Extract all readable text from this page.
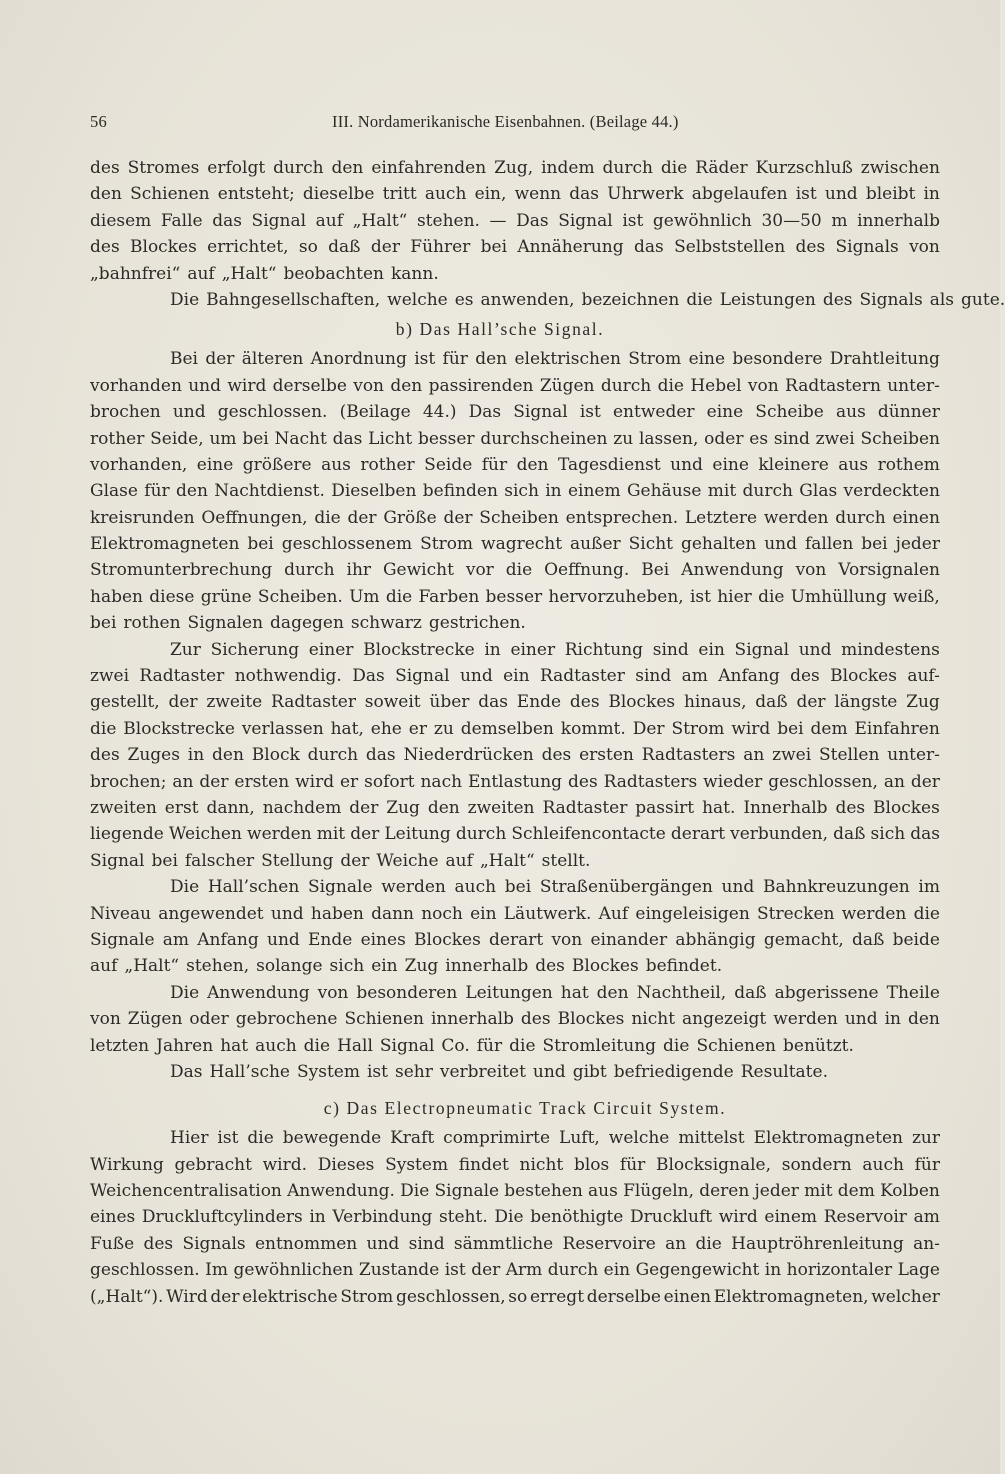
56	III. Nordamerikanische Eisenbahnen. (Beilage 44.)
des Stromes erfolgt durch den einfahrenden Zug, indem durch die Räder Kurzschluß zwischen
den Schienen entsteht; dieselbe tritt auch ein, wenn das Uhrwerk abgelaufen ist und bleibt in
diesem Falle das Signal auf „Halt“ stehen. — Das Signal ist gewöhnlich 30—50 m innerhalb
des Blockes errichtet, so daß der Führer bei Annäherung das Selbststellen des Signals von
„bahnfrei“ auf „Halt“ beobachten kann.
Die Bahngesellschaften, welche es anwenden, bezeichnen die Leistungen des Signals als gute.
b) Das Hall’sche Signal.
Bei der älteren Anordnung ist für den elektrischen Strom eine besondere Drahtleitung
vorhanden und wird derselbe von den passirenden Zügen durch die Hebel von Radtastern unter-
brochen und geschlossen. (Beilage 44.) Das Signal ist entweder eine Scheibe aus dünner
rother Seide, um bei Nacht das Licht besser durchscheinen zu lassen, oder es sind zwei Scheiben
vorhanden, eine größere aus rother Seide für den Tagesdienst und eine kleinere aus rothem
Glase für den Nachtdienst. Dieselben befinden sich in einem Gehäuse mit durch Glas verdeckten
kreisrunden Oeffnungen, die der Größe der Scheiben entsprechen. Letztere werden durch einen
Elektromagneten bei geschlossenem Strom wagrecht außer Sicht gehalten und fallen bei jeder
Stromunterbrechung durch ihr Gewicht vor die Oeffnung. Bei Anwendung von Vorsignalen
haben diese grüne Scheiben. Um die Farben besser hervorzuheben, ist hier die Umhüllung weiß,
bei rothen Signalen dagegen schwarz gestrichen.
Zur Sicherung einer Blockstrecke in einer Richtung sind ein Signal und mindestens
zwei Radtaster nothwendig. Das Signal und ein Radtaster sind am Anfang des Blockes auf-
gestellt, der zweite Radtaster soweit über das Ende des Blockes hinaus, daß der längste Zug
die Blockstrecke verlassen hat, ehe er zu demselben kommt. Der Strom wird bei dem Einfahren
des Zuges in den Block durch das Niederdrücken des ersten Radtasters an zwei Stellen unter-
brochen; an der ersten wird er sofort nach Entlastung des Radtasters wieder geschlossen, an der
zweiten erst dann, nachdem der Zug den zweiten Radtaster passirt hat. Innerhalb des Blockes
liegende Weichen werden mit der Leitung durch Schleifencontacte derart verbunden, daß sich das
Signal bei falscher Stellung der Weiche auf „Halt“ stellt.
Die Hall’schen Signale werden auch bei Straßenübergängen und Bahnkreuzungen im
Niveau angewendet und haben dann noch ein Läutwerk. Auf eingeleisigen Strecken werden die
Signale am Anfang und Ende eines Blockes derart von einander abhängig gemacht, daß beide
auf „Halt“ stehen, solange sich ein Zug innerhalb des Blockes befindet.
Die Anwendung von besonderen Leitungen hat den Nachtheil, daß abgerissene Theile
von Zügen oder gebrochene Schienen innerhalb des Blockes nicht angezeigt werden und in den
letzten Jahren hat auch die Hall Signal Co. für die Stromleitung die Schienen benützt.
Das Hall’sche System ist sehr verbreitet und gibt befriedigende Resultate.
c) Das Electropneumatic Track Circuit System.
Hier ist die bewegende Kraft comprimirte Luft, welche mittelst Elektromagneten zur
Wirkung gebracht wird. Dieses System findet nicht blos für Blocksignale, sondern auch für
Weichencentralisation Anwendung. Die Signale bestehen aus Flügeln, deren jeder mit dem Kolben
eines Druckluftcylinders in Verbindung steht. Die benöthigte Druckluft wird einem Reservoir am
Fuße des Signals entnommen und sind sämmtliche Reservoire an die Hauptröhrenleitung an-
geschlossen. Im gewöhnlichen Zustande ist der Arm durch ein Gegengewicht in horizontaler Lage
(„Halt“). Wird der elektrische Strom geschlossen, so erregt derselbe einen Elektromagneten, welcher
